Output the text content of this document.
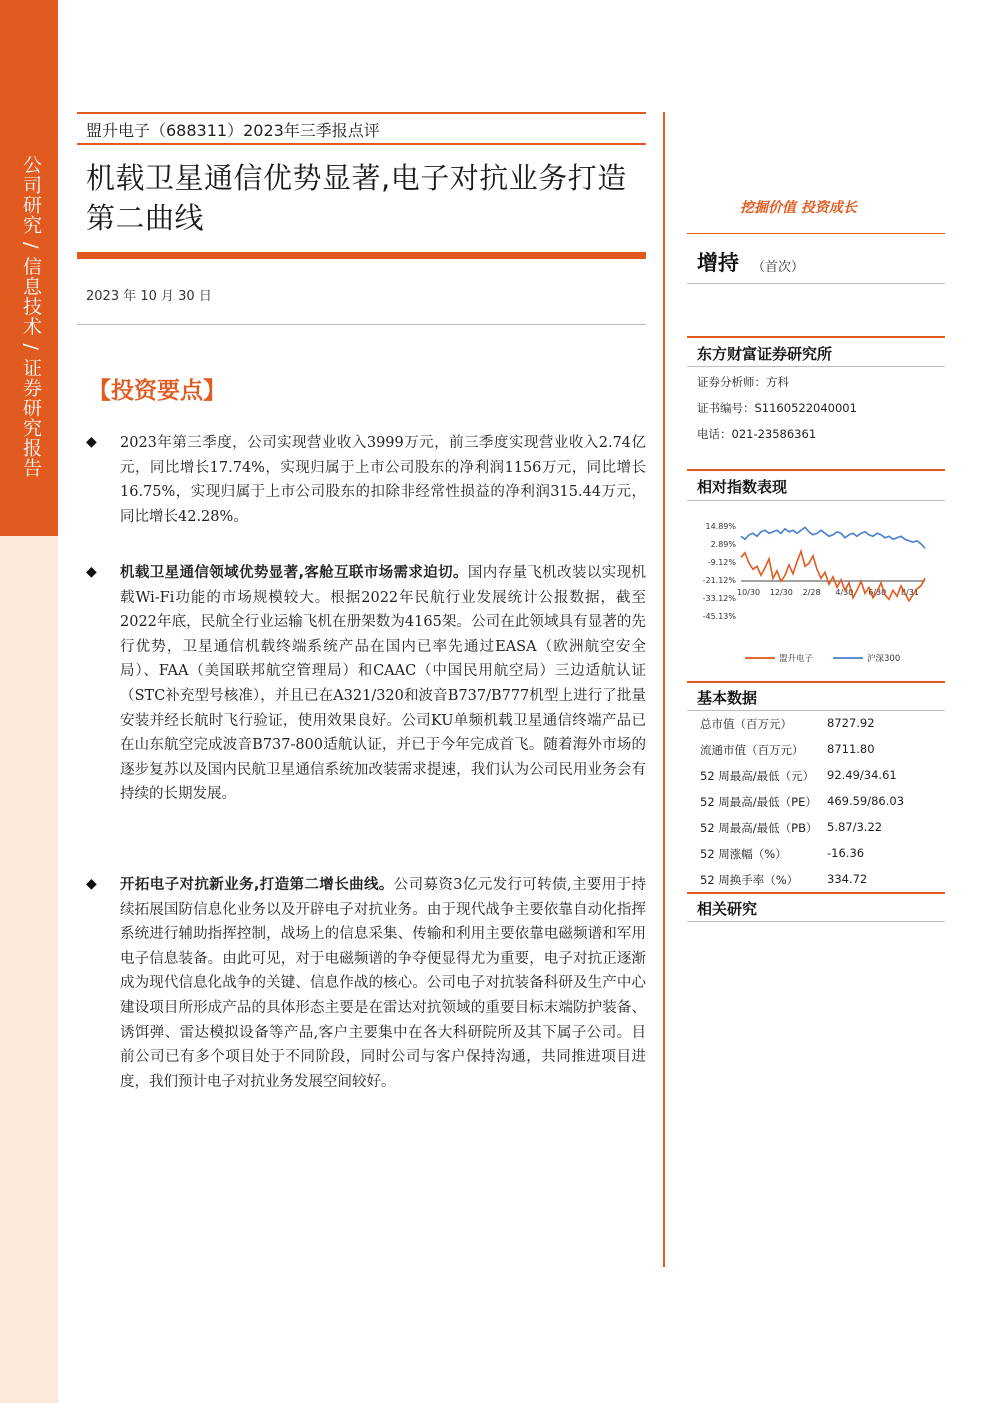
公司研究 / 信息技术 / 证券研究报告
盟升电子（688311）2023年三季报点评
机载卫星通信优势显著,电子对抗业务打造第二曲线
2023 年 10 月 30 日
【投资要点】
◆ 2023年第三季度，公司实现营业收入3999万元，前三季度实现营业收入2.74亿元，同比增长17.74%，实现归属于上市公司股东的净利润1156万元，同比增长16.75%，实现归属于上市公司股东的扣除非经常性损益的净利润315.44万元，同比增长42.28%。
◆ 机载卫星通信领域优势显著,客舱互联市场需求迫切。国内存量飞机改装以实现机载Wi-Fi功能的市场规模较大。根据2022年民航行业发展统计公报数据，截至2022年底，民航全行业运输飞机在册架数为4165架。公司在此领域具有显著的先行优势，卫星通信机载终端系统产品在国内已率先通过EASA（欧洲航空安全局）、FAA（美国联邦航空管理局）和CAAC（中国民用航空局）三边适航认证（STC补充型号核准），并且已在A321/320和波音B737/B777机型上进行了批量安装并经长航时飞行验证，使用效果良好。公司KU单频机载卫星通信终端产品已在山东航空完成波音B737-800适航认证，并已于今年完成首飞。随着海外市场的逐步复苏以及国内民航卫星通信系统加改装需求提速，我们认为公司民用业务会有持续的长期发展。
◆ 开拓电子对抗新业务,打造第二增长曲线。公司募资3亿元发行可转债,主要用于持续拓展国防信息化业务以及开辟电子对抗业务。由于现代战争主要依靠自动化指挥系统进行辅助指挥控制，战场上的信息采集、传输和利用主要依靠电磁频谱和军用电子信息装备。由此可见，对于电磁频谱的争夺便显得尤为重要，电子对抗正逐渐成为现代信息化战争的关键、信息作战的核心。公司电子对抗装备科研及生产中心建设项目所形成产品的具体形态主要是在雷达对抗领域的重要目标末端防护装备、诱饵弹、雷达模拟设备等产品,客户主要集中在各大科研院所及其下属子公司。目前公司已有多个项目处于不同阶段，同时公司与客户保持沟通，共同推进项目进度，我们预计电子对抗业务发展空间较好。
挖掘价值 投资成长
增持 （首次）
东方财富证券研究所
证券分析师：方科
证书编号：S1160522040001
电话：021-23586361
相对指数表现
14.89%
2.89%
-9.12%
-21.12%
-33.12%
-45.13%
10/30 12/30 2/28 4/30 6/30 8/31
盟升电子	沪深300
基本数据
总市值（百万元）	8727.92
流通市值（百万元） 8711.80
52 周最高/最低（元） 92.49/34.61
52 周最高/最低（PE） 469.59/86.03
52 周最高/最低（PB） 5.87/3.22
52 周涨幅（%）	-16.36
52 周换手率（%）	334.72
相关研究
